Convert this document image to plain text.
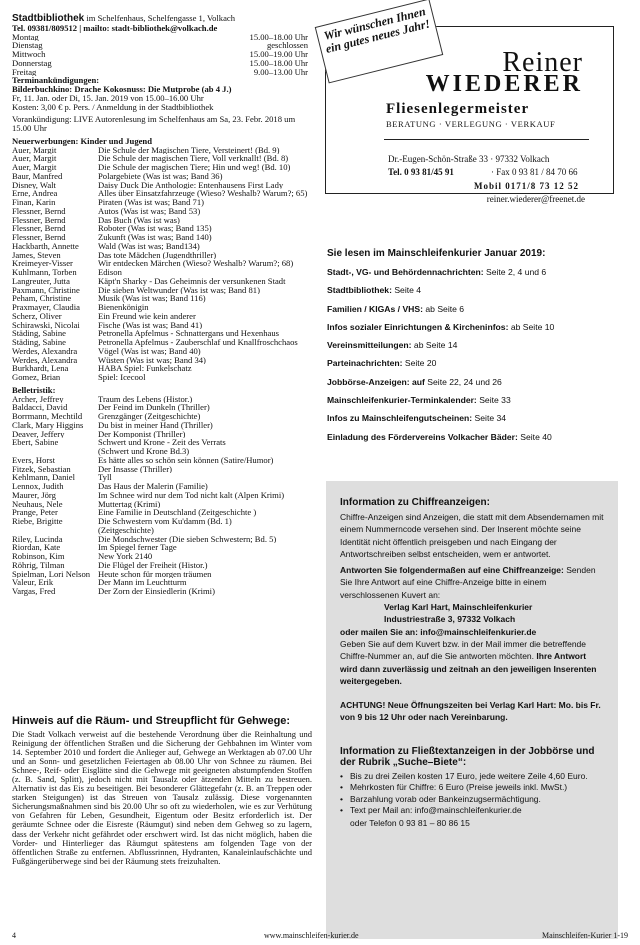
Stadtbibliothek im Schelfenhaus, Schelfengasse 1, Volkach
Tel. 09381/809512 | mailto: stadt-bibliothek@volkach.de
Montag	15.00–18.00 Uhr
Dienstag	geschlossen
Mittwoch	15.00–19.00 Uhr
Donnerstag	15.00–18.00 Uhr
Freitag	9.00–13.00 Uhr
Terminankündigungen:
Bilderbuchkino: Drache Kokosnuss: Die Mutprobe (ab 4 J.)
Fr, 11. Jan. oder Di, 15. Jan. 2019 von 15.00–16.00 Uhr
Kosten: 3,00 € p. Pers. / Anmeldung in der Stadtbibliothek
Vorankündigung: LIVE Autorenlesung im Schelfenhaus am Sa, 23. Febr. 2018 um 15.00 Uhr
Neuerwerbungen: Kinder und Jugend
Auer, Margit	Die Schule der Magischen Tiere, Versteinert! (Bd. 9)
Auer, Margit	Die Schule der magischen Tiere, Voll verknallt! (Bd. 8)
Auer, Margit	Die Schule der magischen Tiere; Hin und weg! (Bd. 10)
Baur, Manfred	Polargebiete (Was ist was; Band 36)
Disney, Walt	Daisy Duck Die Anthologie: Entenhausens First Lady
Erne, Andrea	Alles über Einsatzfahrzeuge (Wieso? Weshalb? Warum?; 65)
Finan, Karin	Piraten (Was ist was; Band 71)
Flessner, Bernd	Autos (Was ist was; Band 53)
Flessner, Bernd	Das Buch (Was ist was)
Flessner, Bernd	Roboter (Was ist was; Band 135)
Flessner, Bernd	Zukunft (Was ist was; Band 140)
Hackbarth, Annette	Wald (Was ist was; Band134)
James, Steven	Das tote Mädchen (Jugendthriller)
Kreimeyer-Visser	Wir entdecken Märchen (Wieso? Weshalb? Warum?; 68)
Kuhlmann, Torben	Edison
Langreuter, Jutta	Käpt'n Sharky - Das Geheimnis der versunkenen Stadt
Paxmann, Christine	Die sieben Weltwunder (Was ist was; Band 81)
Peham, Christine	Musik (Was ist was; Band 116)
Praxmayer, Claudia	Bienenkönigin
Scherz, Oliver	Ein Freund wie kein anderer
Schirawski, Nicolai	Fische (Was ist was; Band 41)
Städing, Sabine	Petronella Apfelmus - Schnattergans und Hexenhaus
Städing, Sabine	Petronella Apfelmus - Zauberschlaf und Knallfroschchaos
Werdes, Alexandra	Vögel (Was ist was; Band 40)
Werdes, Alexandra	Wüsten (Was ist was; Band 34)
Burkhardt, Lena	HABA Spiel: Funkelschatz
Gomez, Brian	Spiel: Icecool
Belletristik:
Archer, Jeffrey	Traum des Lebens (Histor.)
Baldacci, David	Der Feind im Dunkeln (Thriller)
Borrmann, Mechtild	Grenzgänger (Zeitgeschichte)
Clark, Mary Higgins	Du bist in meiner Hand (Thriller)
Deaver, Jeffery	Der Komponist (Thriller)
Ebert, Sabine	Schwert und Krone - Zeit des Verrats
(Schwert und Krone Bd.3)
Evers, Horst	Es hätte alles so schön sein können (Satire/Humor)
Fitzek, Sebastian	Der Insasse (Thriller)
Kehlmann, Daniel	Tyll
Lennox, Judith	Das Haus der Malerin (Familie)
Maurer, Jörg	Im Schnee wird nur dem Tod nicht kalt (Alpen Krimi)
Neuhaus, Nele	Muttertag (Krimi)
Prange, Peter	Eine Familie in Deutschland (Zeitgeschichte )
Riebe, Brigitte	Die Schwestern vom Ku'damm (Bd. 1)
(Zeitgeschichte)
Riley, Lucinda	Die Mondschwester (Die sieben Schwestern; Bd. 5)
Riordan, Kate	Im Spiegel ferner Tage
Robinson, Kim	New York 2140
Röhrig, Tilman	Die Flügel der Freiheit (Histor.)
Spielman, Lori Nelson Heute schon für morgen träumen
Valeur, Erik	Der Mann im Leuchtturm
Vargas, Fred	Der Zorn der Einsiedlerin (Krimi)
Hinweis auf die Räum- und Streupflicht für Gehwege:

Die Stadt Volkach verweist auf die bestehende Verordnung über die Reinhaltung und Reinigung der öffentlichen Straßen und die Sicherung der Gehbahnen im Winter vom 14. September 2010 und fordert die Anlieger auf, Gehwege an Werktagen ab 07.00 Uhr und an Sonn- und gesetzlichen Feiertagen ab 08.00 Uhr von Schnee zu räumen. Bei Schnee-, Reif- oder Eisglätte sind die Gehwege mit geeigneten abstumpfenden Stoffen (z. B. Sand, Splitt), jedoch nicht mit Tausalz oder ätzenden Mitteln zu bestreuen. Alternativ ist das Eis zu beseitigen. Bei besonderer Glättegefahr (z. B. an Treppen oder starken Steigungen) ist das Streuen von Tausalz zulässig. Diese vorgenannten Sicherungsmaßnahmen sind bis 20.00 Uhr so oft zu wiederholen, wie es zur Verhütung von Gefahren für Leben, Gesundheit, Eigentum oder Besitz erforderlich ist. Der geräumte Schnee oder die Eisreste (Räumgut) sind neben dem Gehweg so zu lagern, dass der Verkehr nicht gefährdet oder erschwert wird. Ist das nicht möglich, haben die Vorder- und Hinterlieger das Räumgut spätestens am folgenden Tage von der öffentlichen Straße zu entfernen. Abflussrinnen, Hydranten, Kanaleinlaufschächte und Fußgängerüberwege sind bei der Räumung stets freizuhalten.

Reiner
WIEDERER
Fliesenlegermeister
BERATUNG · VERLEGUNG · VERKAUF
Dr.-Eugen-Schön-Straße 33 · 97332 Volkach
Tel. 0 93 81/45 91	· Fax 0 93 81 / 84 70 66
Mobil 0171/8 73 12 52
reiner.wiederer@freenet.de
Wir wünschen Ihnen ein gutes neues Jahr!
Sie lesen im Mainschleifenkurier Januar 2019:
Stadt-, VG- und Behördennachrichten: Seite 2, 4 und 6
Stadtbibliothek: Seite 4
Familien / KIGAs / VHS: ab Seite 6
Infos sozialer Einrichtungen & Kircheninfos: ab Seite 10
Vereinsmitteilungen: ab Seite 14
Parteinachrichten: Seite 20
Jobbörse-Anzeigen: auf Seite 22, 24 und 26
Mainschleifenkurier-Terminkalender: Seite 33
Infos zu Mainschleifengutscheinen: Seite 34
Einladung des Fördervereins Volkacher Bäder: Seite 40
Information zu Chiffreanzeigen:

Chiffre-Anzeigen sind Anzeigen, die statt mit dem Absendernamen mit einem Nummerncode versehen sind. Der Inserent möchte seine Identität nicht öffentlich preisgeben und nach Eingang der Antwortschreiben selbst entscheiden, wem er antwortet.

Antworten Sie folgendermaßen auf eine Chiffreanzeige: Senden Sie Ihre Antwort auf eine Chiffre-Anzeige bitte in einem verschlossenen Kuvert an:

Verlag Karl Hart, Mainschleifenkurier

Industriestraße 3, 97332 Volkach

oder mailen Sie an: info@mainschleifenkurier.de

Geben Sie auf dem Kuvert bzw. in der Mail immer die betreffende Chiffre-Nummer an, auf die Sie antworten möchten. Ihre Antwort wird dann zuverlässig und zeitnah an den jeweiligen Inserenten weitergegeben.

ACHTUNG! Neue Öffnungszeiten bei Verlag Karl Hart: Mo. bis Fr. von 9 bis 12 Uhr oder nach Vereinbarung.

Information zu Fließtextanzeigen in der Jobbörse und der Rubrik „Suche–Biete“:
• Bis zu drei Zeilen kosten 17 Euro, jede weitere Zeile 4,60 Euro.
• Mehrkosten für Chiffre: 6 Euro (Preise jeweils inkl. MwSt.)
• Barzahlung vorab oder Bankeinzugsermächtigung.
• Text per Mail an: info@mainschleifenkurier.de

oder Telefon 0 93 81 – 80 86 15

4	www.mainschleifen-kurier.de	Mainschleifen-Kurier 1-19
